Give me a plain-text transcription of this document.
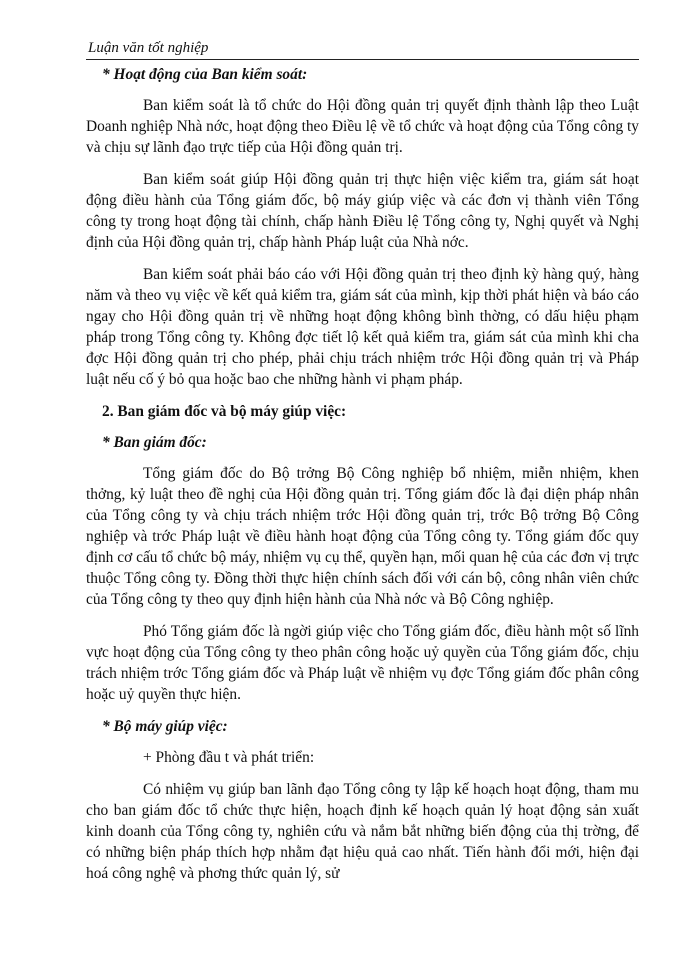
Luận văn tốt nghiệp

* Hoạt động của Ban kiểm soát:

Ban kiểm soát là tổ chức do Hội đồng quản trị quyết định thành lập theo Luật Doanh nghiệp Nhà nớc, hoạt động theo Điều lệ về tổ chức và hoạt động của Tổng công ty và chịu sự lãnh đạo trực tiếp của Hội đồng quản trị.

Ban kiểm soát giúp Hội đồng quản trị thực hiện việc kiểm tra, giám sát hoạt động điều hành của Tổng giám đốc, bộ máy giúp việc và các đơn vị thành viên Tổng công ty trong hoạt động tài chính, chấp hành Điều lệ Tổng công ty, Nghị quyết và Nghị định của Hội đồng quản trị, chấp hành Pháp luật của Nhà nớc.

Ban kiểm soát phải báo cáo với Hội đồng quản trị theo định kỳ hàng quý, hàng năm và theo vụ việc về kết quả kiểm tra, giám sát của mình, kịp thời phát hiện và báo cáo ngay cho Hội đồng quản trị về những hoạt động không bình thờng, có dấu hiệu phạm pháp trong Tổng công ty. Không đợc tiết lộ kết quả kiểm tra, giám sát của mình khi cha đợc Hội đồng quản trị cho phép, phải chịu trách nhiệm trớc Hội đồng quản trị và Pháp luật nếu cố ý bỏ qua hoặc bao che những hành vi phạm pháp.

2. Ban giám đốc và bộ máy giúp việc:

* Ban giám đốc:

Tổng giám đốc do Bộ trởng Bộ Công nghiệp bổ nhiệm, miễn nhiệm, khen thởng, kỷ luật theo đề nghị của Hội đồng quản trị. Tổng giám đốc là đại diện pháp nhân của Tổng công ty và chịu trách nhiệm trớc Hội đồng quản trị, trớc Bộ trởng Bộ Công nghiệp và trớc Pháp luật về điều hành hoạt động của Tổng công ty. Tổng giám đốc quy định cơ cấu tổ chức bộ máy, nhiệm vụ cụ thể, quyền hạn, mối quan hệ của các đơn vị trực thuộc Tổng công ty. Đồng thời thực hiện chính sách đối với cán bộ, công nhân viên chức của Tổng công ty theo quy định hiện hành của Nhà nớc và Bộ Công nghiệp.

Phó Tổng giám đốc là ngời giúp việc cho Tổng giám đốc, điều hành một số lĩnh vực hoạt động của Tổng công ty theo phân công hoặc uỷ quyền của Tổng giám đốc, chịu trách nhiệm trớc Tổng giám đốc và Pháp luật về nhiệm vụ đợc Tổng giám đốc phân công hoặc uỷ quyền thực hiện.

* Bộ máy giúp việc:

+ Phòng đầu t và phát triển:

Có nhiệm vụ giúp ban lãnh đạo Tổng công ty lập kế hoạch hoạt động, tham mu cho ban giám đốc tổ chức thực hiện, hoạch định kế hoạch quản lý hoạt động sản xuất kinh doanh của Tổng công ty, nghiên cứu và nắm bắt những biến động của thị trờng, để có những biện pháp thích hợp nhằm đạt hiệu quả cao nhất. Tiến hành đổi mới, hiện đại hoá công nghệ và phơng thức quản lý, sử
